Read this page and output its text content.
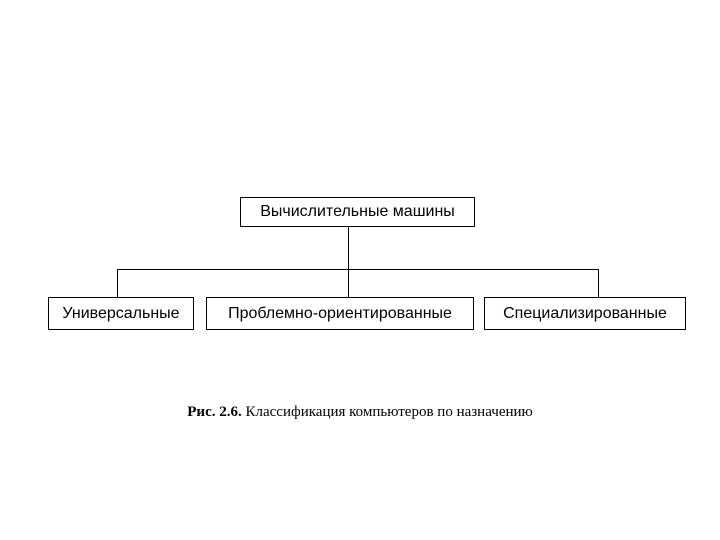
Вычислительные машины
Универсальные	Проблемно-ориентированные	Специализированные
Рис. 2.6. Классификация компьютеров по назначению
